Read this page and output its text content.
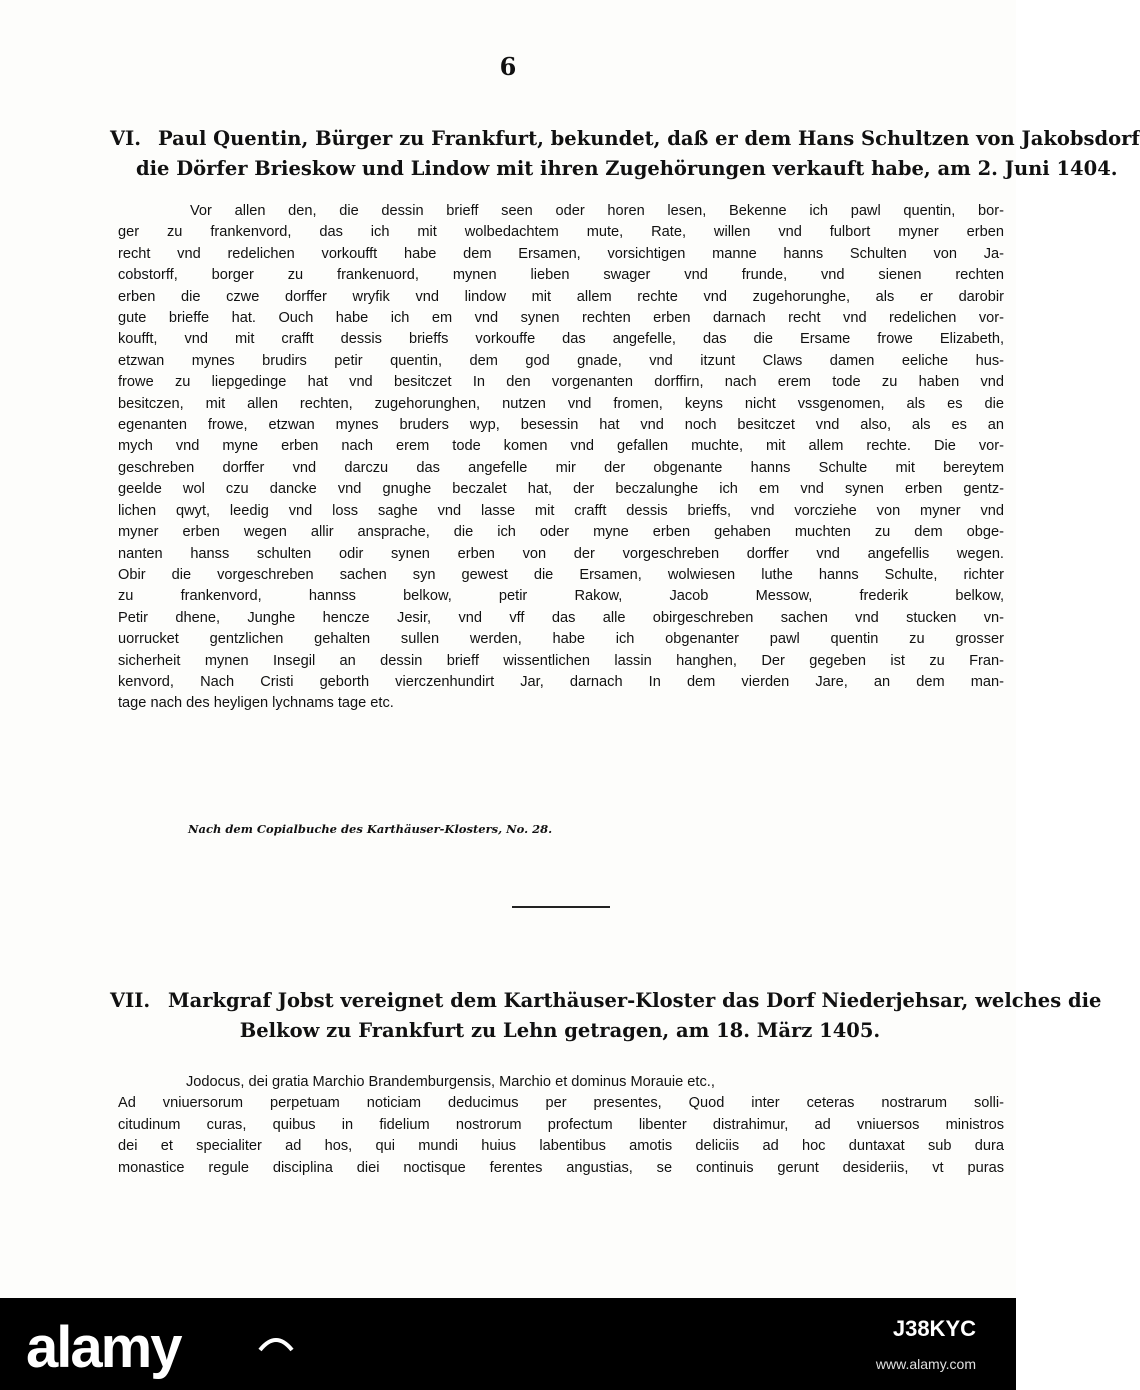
6
VI. Paul Quentin, Bürger zu Frankfurt, bekundet, daß er dem Hans Schultzen von Jakobsdorf
die Dörfer Brieskow und Lindow mit ihren Zugehörungen verkauft habe, am 2. Juni 1404.
Vor allen den, die dessin brieff seen oder horen lesen, Bekenne ich pawl quentin, bor-
ger zu frankenvord, das ich mit wolbedachtem mute, Rate, willen vnd fulbort myner erben
recht vnd redelichen vorkoufft habe dem Ersamen, vorsichtigen manne hanns Schulten von Ja-
cobstorff, borger zu frankenuord, mynen lieben swager vnd frunde, vnd sienen rechten
erben die czwe dorffer wryfik vnd lindow mit allem rechte vnd zugehorunghe, als er darobir
gute brieffe hat. Ouch habe ich em vnd synen rechten erben darnach recht vnd redelichen vor-
koufft, vnd mit crafft dessis brieffs vorkouffe das angefelle, das die Ersame frowe Elizabeth,
etzwan mynes brudirs petir quentin, dem god gnade, vnd itzunt Claws damen eeliche hus-
frowe zu liepgedinge hat vnd besitczet In den vorgenanten dorffirn, nach erem tode zu haben vnd
besitczen, mit allen rechten, zugehorunghen, nutzen vnd fromen, keyns nicht vssgenomen, als es die
egenanten frowe, etzwan mynes bruders wyp, besessin hat vnd noch besitczet vnd also, als es an
mych vnd myne erben nach erem tode komen vnd gefallen muchte, mit allem rechte. Die vor-
geschreben dorffer vnd darczu das angefelle mir der obgenante hanns Schulte mit bereytem
geelde wol czu dancke vnd gnughe beczalet hat, der beczalunghe ich em vnd synen erben gentz-
lichen qwyt, leedig vnd loss saghe vnd lasse mit crafft dessis brieffs, vnd vorcziehe von myner vnd
myner erben wegen allir ansprache, die ich oder myne erben gehaben muchten zu dem obge-
nanten hanss schulten odir synen erben von der vorgeschreben dorffer vnd angefellis wegen.
Obir die vorgeschreben sachen syn gewest die Ersamen, wolwiesen luthe hanns Schulte, richter
zu frankenvord, hannss belkow, petir Rakow, Jacob Messow, frederik belkow,
Petir dhene, Junghe hencze Jesir, vnd vff das alle obirgeschreben sachen vnd stucken vn-
uorrucket gentzlichen gehalten sullen werden, habe ich obgenanter pawl quentin zu grosser
sicherheit mynen Insegil an dessin brieff wissentlichen lassin hanghen, Der gegeben ist zu Fran-
kenvord, Nach Cristi geborth vierczenhundirt Jar, darnach In dem vierden Jare, an dem man-
tage nach des heyligen lychnams tage etc.
Nach dem Copialbuche des Karthäuser-Klosters, No. 28.
VII. Markgraf Jobst vereignet dem Karthäuser-Kloster das Dorf Niederjehsar, welches die
Belkow zu Frankfurt zu Lehn getragen, am 18. März 1405.
Jodocus, dei gratia Marchio Brandemburgensis, Marchio et dominus Morauie etc.,
Ad vniuersorum perpetuam noticiam deducimus per presentes, Quod inter ceteras nostrarum solli-
citudinum curas, quibus in fidelium nostrorum profectum libenter distrahimur, ad vniuersos ministros
dei et specialiter ad hos, qui mundi huius labentibus amotis deliciis ad hoc duntaxat sub dura
monastice regule disciplina diei noctisque ferentes angustias, se continuis gerunt desideriis, vt puras
alamy	J38KYC
www.alamy.com
